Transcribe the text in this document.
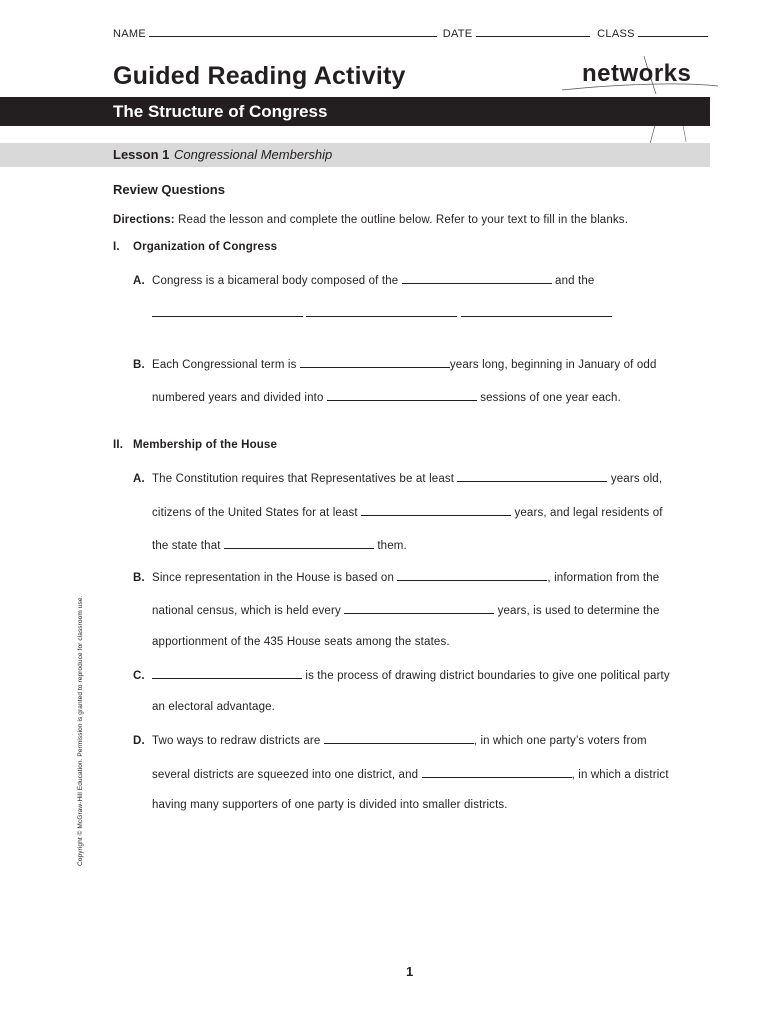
NAME	DATE	CLASS
Guided Reading Activity	networks
The Structure of Congress
Lesson 1 Congressional Membership
Review Questions
Directions: Read the lesson and complete the outline below. Refer to your text to fill in the blanks.
I. Organization of Congress
A. Congress is a bicameral body composed of the	and the

B. Each Congressional term is	years long, beginning in January of odd
numbered years and divided into	sessions of one year each.
II. Membership of the House
A. The Constitution requires that Representatives be at least	years old,
citizens of the United States for at least	years, and legal residents of
the state that	them.
B. Since representation in the House is based on	, information from the
national census, which is held every	years, is used to determine the
apportionment of the 435 House seats among the states.
C.	is the process of drawing district boundaries to give one political party
an electoral advantage.
D. Two ways to redraw districts are	, in which one party’s voters from
several districts are squeezed into one district, and	, in which a district
having many supporters of one party is divided into smaller districts.
Copyright © McGraw-Hill Education. Permission is granted to reproduce for classroom use.
1
